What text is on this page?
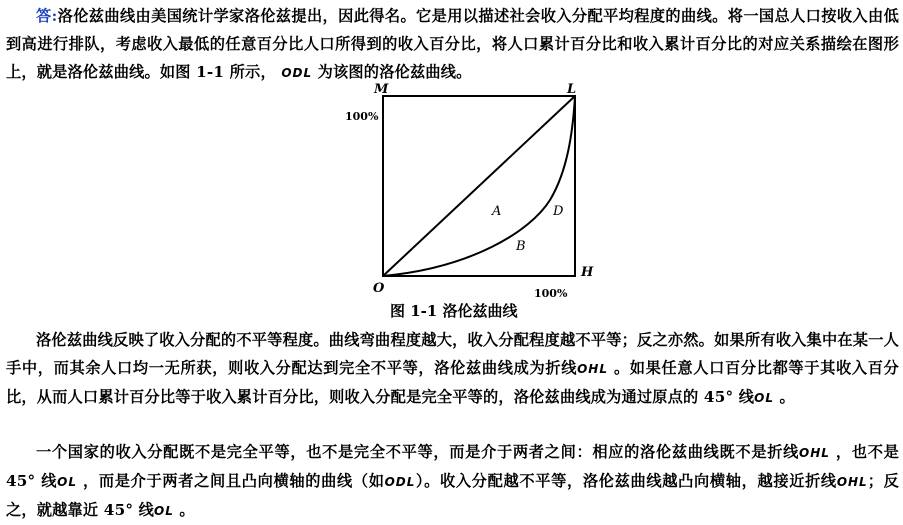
答:洛伦兹曲线由美国统计学家洛伦兹提出，因此得名。它是用以描述社会收入分配平均程度的曲线。将一国总人口按收入由低到高进行排队，考虑收入最低的任意百分比人口所得到的收入百分比，将人口累计百分比和收入累计百分比的对应关系描绘在图形上，就是洛伦兹曲线。如图 1-1 所示， ODL 为该图的洛伦兹曲线。
M	L
O
H
A	D
B
100%
100%
图 1-1 洛伦兹曲线
洛伦兹曲线反映了收入分配的不平等程度。曲线弯曲程度越大，收入分配程度越不平等；反之亦然。如果所有收入集中在某一人手中，而其余人口均一无所获，则收入分配达到完全不平等，洛伦兹曲线成为折线OHL 。如果任意人口百分比都等于其收入百分比，从而人口累计百分比等于收入累计百分比，则收入分配是完全平等的，洛伦兹曲线成为通过原点的 45° 线OL 。
一个国家的收入分配既不是完全平等，也不是完全不平等，而是介于两者之间：相应的洛伦兹曲线既不是折线OHL ，也不是 45° 线OL ，而是介于两者之间且凸向横轴的曲线（如ODL）。收入分配越不平等，洛伦兹曲线越凸向横轴，越接近折线OHL；反之，就越靠近 45° 线OL 。
